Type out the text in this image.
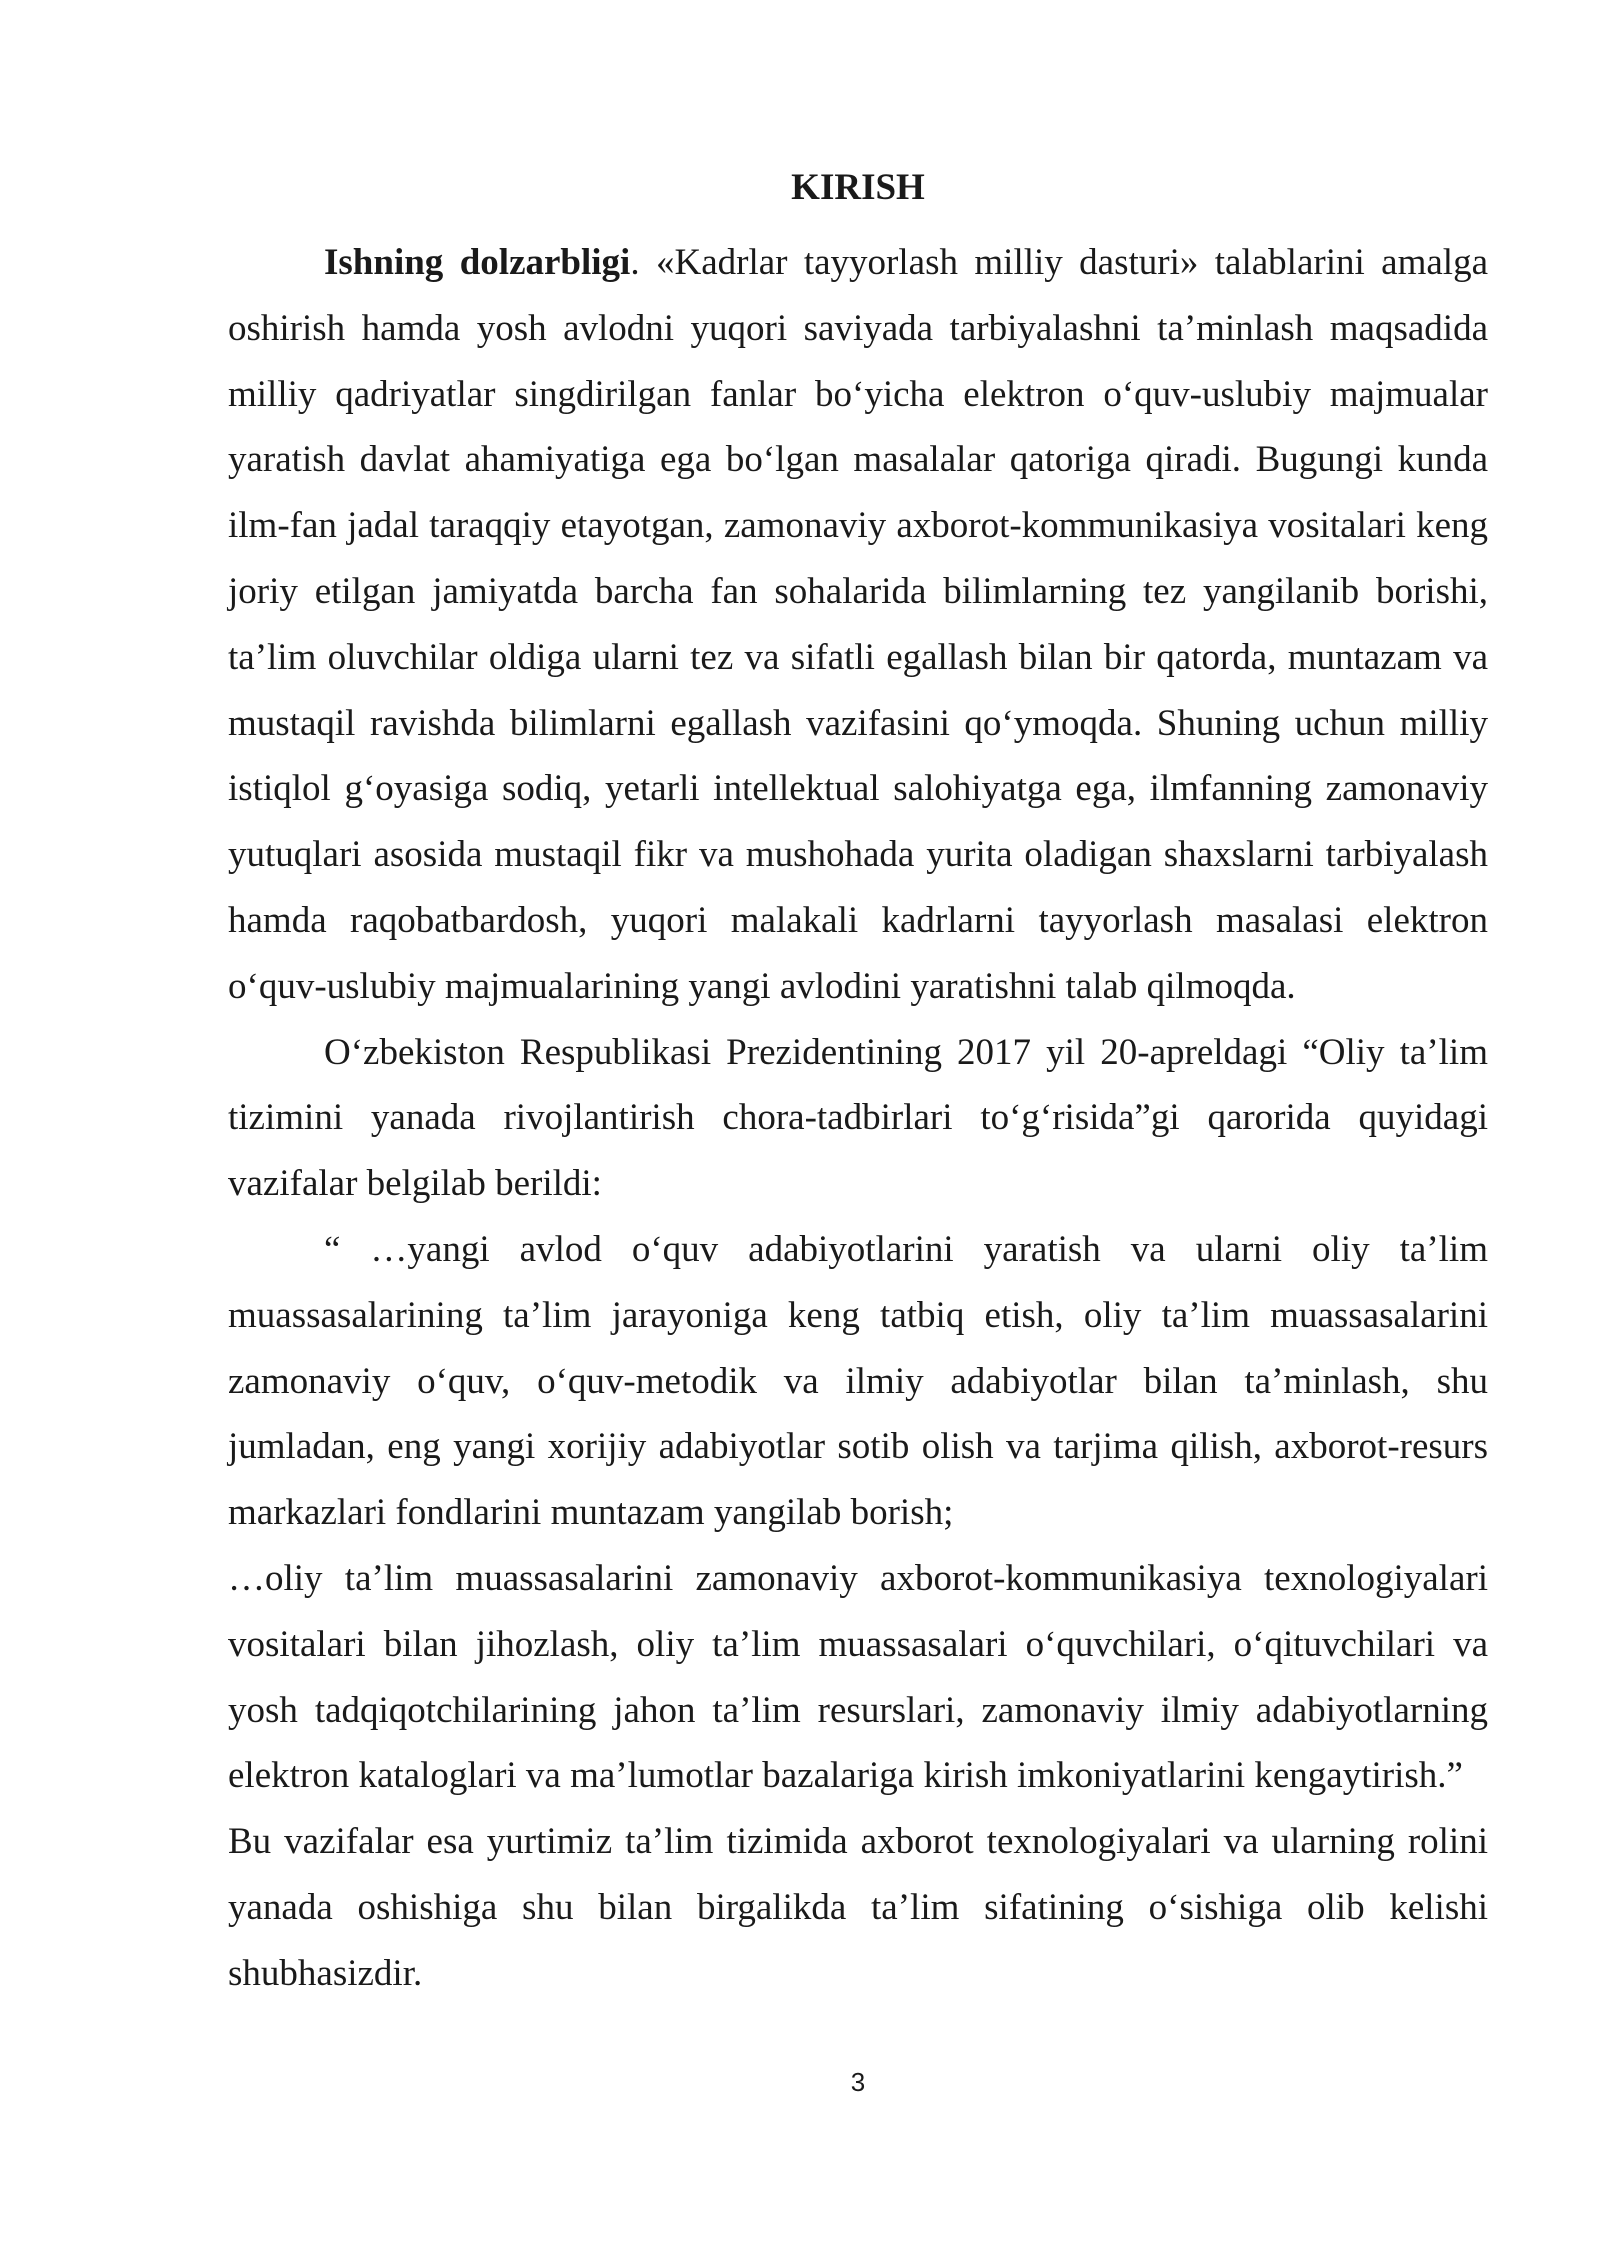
KIRISH

Ishning dolzarbligi. «Kadrlar tayyorlash milliy dasturi» talablarini amalga oshirish hamda yosh avlodni yuqori saviyada tarbiyalashni ta’minlash maqsadida milliy qadriyatlar singdirilgan fanlar bo‘yicha elektron o‘quv-uslubiy majmualar yaratish davlat ahamiyatiga ega bo‘lgan masalalar qatoriga qiradi. Bugungi kunda ilm-fan jadal taraqqiy etayotgan, zamonaviy axborot-kommunikasiya vositalari keng joriy etilgan jamiyatda barcha fan sohalarida bilimlarning tez yangilanib borishi, ta’lim oluvchilar oldiga ularni tez va sifatli egallash bilan bir qatorda, muntazam va mustaqil ravishda bilimlarni egallash vazifasini qo‘ymoqda. Shuning uchun milliy istiqlol g‘oyasiga sodiq, yetarli intellektual salohiyatga ega, ilmfanning zamonaviy yutuqlari asosida mustaqil fikr va mushohada yurita oladigan shaxslarni tarbiyalash hamda raqobatbardosh, yuqori malakali kadrlarni tayyorlash masalasi elektron o‘quv-uslubiy majmualarining yangi avlodini yaratishni talab qilmoqda.

O‘zbekiston Respublikasi Prezidentining 2017 yil 20-apreldagi “Oliy ta’lim tizimini yanada rivojlantirish chora-tadbirlari to‘g‘risida”gi qarorida quyidagi vazifalar belgilab berildi:

“ …yangi avlod o‘quv adabiyotlarini yaratish va ularni oliy ta’lim muassasalarining ta’lim jarayoniga keng tatbiq etish, oliy ta’lim muassasalarini zamonaviy o‘quv, o‘quv-metodik va ilmiy adabiyotlar bilan ta’minlash, shu jumladan, eng yangi xorijiy adabiyotlar sotib olish va tarjima qilish, axborot-resurs markazlari fondlarini muntazam yangilab borish;

…oliy ta’lim muassasalarini zamonaviy axborot-kommunikasiya texnologiyalari vositalari bilan jihozlash, oliy ta’lim muassasalari o‘quvchilari, o‘qituvchilari va yosh tadqiqotchilarining jahon ta’lim resurslari, zamonaviy ilmiy adabiyotlarning elektron kataloglari va ma’lumotlar bazalariga kirish imkoniyatlarini kengaytirish.”

Bu vazifalar esa yurtimiz ta’lim tizimida axborot texnologiyalari va ularning rolini yanada oshishiga shu bilan birgalikda ta’lim sifatining o‘sishiga olib kelishi shubhasizdir.

3
